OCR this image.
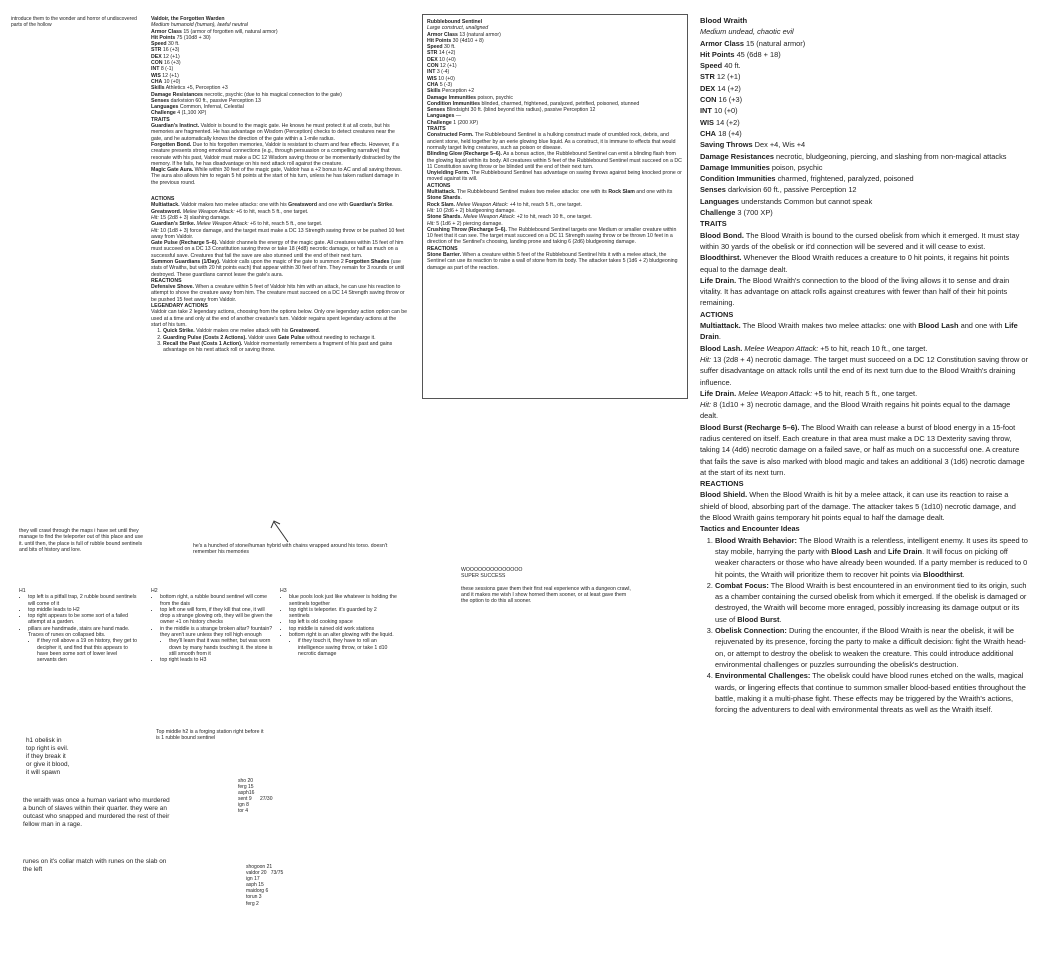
introduce them to the wonder and horror of undiscovered parts of the hollow
Valdoir, the Forgotten Warden
Medium humanoid (human), lawful neutral
Armor Class 15 (armor of forgotten will, natural armor)
Hit Points 75 (10d8 + 30)
Speed 30 ft.
STR 16 (+3)
DEX 12 (+1)
CON 16 (+3)
INT 8 (-1)
WIS 12 (+1)
CHA 10 (+0)
Skills Athletics +5, Perception +3
Damage Resistances necrotic, psychic (due to his magical connection to the gate)
Senses darkvision 60 ft., passive Perception 13
Languages Common, Infernal, Celestial
Challenge 4 (1,100 XP)
TRAITS
Guardian's Instinct. Valdoir is bound to the magic gate. He knows he must protect it at all costs, but his memories are fragmented. He has advantage on Wisdom (Perception) checks to detect creatures near the gate, and he automatically knows the direction of the gate within a 1-mile radius.
Forgotten Bond. Due to his forgotten memories, Valdoir is resistant to charm and fear effects. However, if a creature presents strong emotional connections (e.g., through persuasion or a compelling narrative) that resonate with his past, Valdoir must make a DC 12 Wisdom saving throw or be momentarily distracted by the memory. If he fails, he has disadvantage on his next attack roll against the creature.
Magic Gate Aura. While within 30 feet of the magic gate, Valdoir has a +2 bonus to AC and all saving throws. The aura also allows him to regain 5 hit points at the start of his turn, unless he has taken radiant damage in the previous round.
ACTIONS
Multiattack. Valdoir makes two melee attacks: one with his Greatsword and one with Guardian's Strike.
Greatsword. Melee Weapon Attack: +6 to hit, reach 5 ft., one target.
Hit: 15 (2d8 + 3) slashing damage.
Guardian's Strike. Melee Weapon Attack: +6 to hit, reach 5 ft., one target.
Hit: 10 (1d8 + 3) force damage, and the target must make a DC 13 Strength saving throw or be pushed 10 feet away from Valdoir.
Gate Pulse (Recharge 5–6). Valdoir channels the energy of the magic gate. All creatures within 15 feet of him must succeed on a DC 13 Constitution saving throw or take 18 (4d8) necrotic damage, or half as much on a successful save. Creatures that fail the save are also stunned until the end of their next turn.
Summon Guardians (1/Day). Valdoir calls upon the magic of the gate to summon 2 Forgotten Shades (use stats of Wraiths, but with 20 hit points each) that appear within 30 feet of him. They remain for 3 rounds or until destroyed. These guardians cannot leave the gate's aura.
REACTIONS
Defensive Shove. When a creature within 5 feet of Valdoir hits him with an attack, he can use his reaction to attempt to shove the creature away from him. The creature must succeed on a DC 14 Strength saving throw or be pushed 15 feet away from Valdoir.
LEGENDARY ACTIONS
Valdoir can take 2 legendary actions, choosing from the options below. Only one legendary action option can be used at a time and only at the end of another creature's turn. Valdoir regains spent legendary actions at the start of his turn.
1. Quick Strike. Valdoir makes one melee attack with his Greatsword.
2. Guarding Pulse (Costs 2 Actions). Valdoir uses Gate Pulse without needing to recharge it.
3. Recall the Past (Costs 1 Action). Valdoir momentarily remembers a fragment of his past and gains advantage on his next attack roll or saving throw.
Rubblebound Sentinel
Large construct, unaligned
Armor Class 13 (natural armor)
Hit Points 30 (4d10 + 8)
Speed 30 ft.
STR 14 (+2)
DEX 10 (+0)
CON 12 (+1)
INT 3 (-4)
WIS 10 (+0)
CHA 5 (-3)
Skills Perception +2
Damage Immunities poison, psychic
Condition Immunities blinded, charmed, frightened, paralyzed, petrified, poisoned, stunned
Senses Blindsight 30 ft. (blind beyond this radius), passive Perception 12
Languages —
Challenge 1 (200 XP)
TRAITS
Constructed Form. The Rubblebound Sentinel is a hulking construct made of crumbled rock, debris, and ancient stone, held together by an eerie glowing blue liquid. As a construct, it is immune to effects that would normally target living creatures, such as poison or disease.
Blinding Glow (Recharge 5–6). As a bonus action, the Rubblebound Sentinel can emit a blinding flash from the glowing liquid within its body. All creatures within 5 feet of the Rubblebound Sentinel must succeed on a DC 11 Constitution saving throw or be blinded until the end of their next turn.
Unyielding Form. The Rubblebound Sentinel has advantage on saving throws against being knocked prone or moved against its will.
ACTIONS
Multiattack. The Rubblebound Sentinel makes two melee attacks: one with its Rock Slam and one with its Stone Shards.
Rock Slam. Melee Weapon Attack: +4 to hit, reach 5 ft., one target.
Hit: 10 (2d6 + 2) bludgeoning damage.
Stone Shards. Melee Weapon Attack: +2 to hit, reach 10 ft., one target.
Hit: 5 (1d6 + 2) piercing damage.
Crushing Throw (Recharge 5–6). The Rubblebound Sentinel targets one Medium or smaller creature within 10 feet that it can see. The target must succeed on a DC 11 Strength saving throw or be thrown 10 feet in a direction of the Sentinel's choosing, landing prone and taking 6 (2d6) bludgeoning damage.
REACTIONS
Stone Barrier. When a creature within 5 feet of the Rubblebound Sentinel hits it with a melee attack, the Sentinel can use its reaction to raise a wall of stone from its body. The attacker takes 5 (1d6 + 2) bludgeoning damage as part of the reaction.
Blood Wraith
Medium undead, chaotic evil
Armor Class 15 (natural armor)
Hit Points 45 (6d8 + 18)
Speed 40 ft.
STR 12 (+1)
DEX 14 (+2)
CON 16 (+3)
INT 10 (+0)
WIS 14 (+2)
CHA 18 (+4)
Saving Throws Dex +4, Wis +4
Damage Resistances necrotic, bludgeoning, piercing, and slashing from non-magical attacks
Damage Immunities poison, psychic
Condition Immunities charmed, frightened, paralyzed, poisoned
Senses darkvision 60 ft., passive Perception 12
Languages understands Common but cannot speak
Challenge 3 (700 XP)
TRAITS
Blood Bond. The Blood Wraith is bound to the cursed obelisk from which it emerged. It must stay within 30 yards of the obelisk or it'd connection will be severed and it will cease to exist.
Bloodthirst. Whenever the Blood Wraith reduces a creature to 0 hit points, it regains hit points equal to the damage dealt.
Life Drain. The Blood Wraith's connection to the blood of the living allows it to sense and drain vitality. It has advantage on attack rolls against creatures with fewer than half of their hit points remaining.
ACTIONS
Multiattack. The Blood Wraith makes two melee attacks: one with Blood Lash and one with Life Drain.
Blood Lash. Melee Weapon Attack: +5 to hit, reach 10 ft., one target.
Hit: 13 (2d8 + 4) necrotic damage. The target must succeed on a DC 12 Constitution saving throw or suffer disadvantage on attack rolls until the end of its next turn due to the Blood Wraith's draining influence.
Life Drain. Melee Weapon Attack: +5 to hit, reach 5 ft., one target.
Hit: 8 (1d10 + 3) necrotic damage, and the Blood Wraith regains hit points equal to the damage dealt.
Blood Burst (Recharge 5–6). The Blood Wraith can release a burst of blood energy in a 15-foot radius centered on itself. Each creature in that area must make a DC 13 Dexterity saving throw, taking 14 (4d6) necrotic damage on a failed save, or half as much on a successful one. A creature that fails the save is also marked with blood magic and takes an additional 3 (1d6) necrotic damage at the start of its next turn.
REACTIONS
Blood Shield. When the Blood Wraith is hit by a melee attack, it can use its reaction to raise a shield of blood, absorbing part of the damage. The attacker takes 5 (1d10) necrotic damage, and the Blood Wraith gains temporary hit points equal to half the damage dealt.
Tactics and Encounter Ideas
1. Blood Wraith Behavior: The Blood Wraith is a relentless, intelligent enemy. It uses its speed to stay mobile, harrying the party with Blood Lash and Life Drain. It will focus on picking off weaker characters or those who have already been wounded. If a party member is reduced to 0 hit points, the Wraith will prioritize them to recover hit points via Bloodthirst.
2. Combat Focus: The Blood Wraith is best encountered in an environment tied to its origin, such as a chamber containing the cursed obelisk from which it emerged. If the obelisk is damaged or destroyed, the Wraith will become more enraged, possibly increasing its damage output or its use of Blood Burst.
3. Obelisk Connection: During the encounter, if the Blood Wraith is near the obelisk, it will be rejuvenated by its presence, forcing the party to make a difficult decision: fight the Wraith head-on, or attempt to destroy the obelisk to weaken the creature. This could introduce additional environmental challenges or puzzles surrounding the obelisk's destruction.
4. Environmental Challenges: The obelisk could have blood runes etched on the walls, magical wards, or lingering effects that continue to summon smaller blood-based entities throughout the battle, making it a multi-phase fight. These effects may be triggered by the Wraith's actions, forcing the adventurers to deal with environmental threats as well as the Wraith itself.
they will crawl through the maps i have set until they manage to find the teleporter out of this place and use it. until then, the place is full of rubble bound sentinels and bits of history and lore.
he's a hunched of stone/human hybrid with chains wrapped around his torso. doesn't remember his memories
WOOOOOOOOOOOOOO
SUPER SUCCESS
these sessions gave them their first real experience with a dungeon crawl, and it makes me wish I show horned them sooner, or at least gave them the option to do this all sooner.
H1
• top left is a pitfall trap, 2 rubble bound sentinels will come of it
• top middle leads to H2
• top right appears to be some sort of a failed attempt at a garden.
• pillars are handmade, stairs are hand made. Traces of runes on collapsed bits.
• if they roll above a 19 on history, they get to decipher it, and find that this appears to have been some sort of lower level servants den
H2
• bottom right, a rubble bound sentinel will come from the dais
• top left one will form, if they kill that one, it will drop a strange glowing orb, they will be given the owner +1 on history checks
• in the middle is a strange broken altar? fountain? they aren't sure unless they roll high enough
• they'll learn that it was neither, but was worn down by many hands touching it. the stone is still smooth from it
• top right leads to H3
H3
• blue pools look just like whatever is holding the sentinels together
• top right is teleporter. it's guarded by 2 sentinels
• top left is old cooking space
• top middle is ruined old work stations
• bottom right is an alter glowing with the liquid.
• if they touch it, they have to roll an intelligence saving throw, or take 1 d10 necrotic damage
Top middle h2 is a forging station right before it is 1 rubble bound sentinel
h1 obelisk in
top right is evil.
if they break it
or give it blood,
it will spawn
the wraith was once a human variant who murdered a bunch of slaves within their quarter. they were an outcast who snapped and murdered the rest of their fellow man in a rage.
runes on it's collar match with runes on the slab on the left
sho 20
ferg 15
asph16
sent 9 27/30
ign 8
tor 4
shogoon 21
valdor 20   73/75
ign 17
asph 15
maidorg 6
torun 3
ferg 2
